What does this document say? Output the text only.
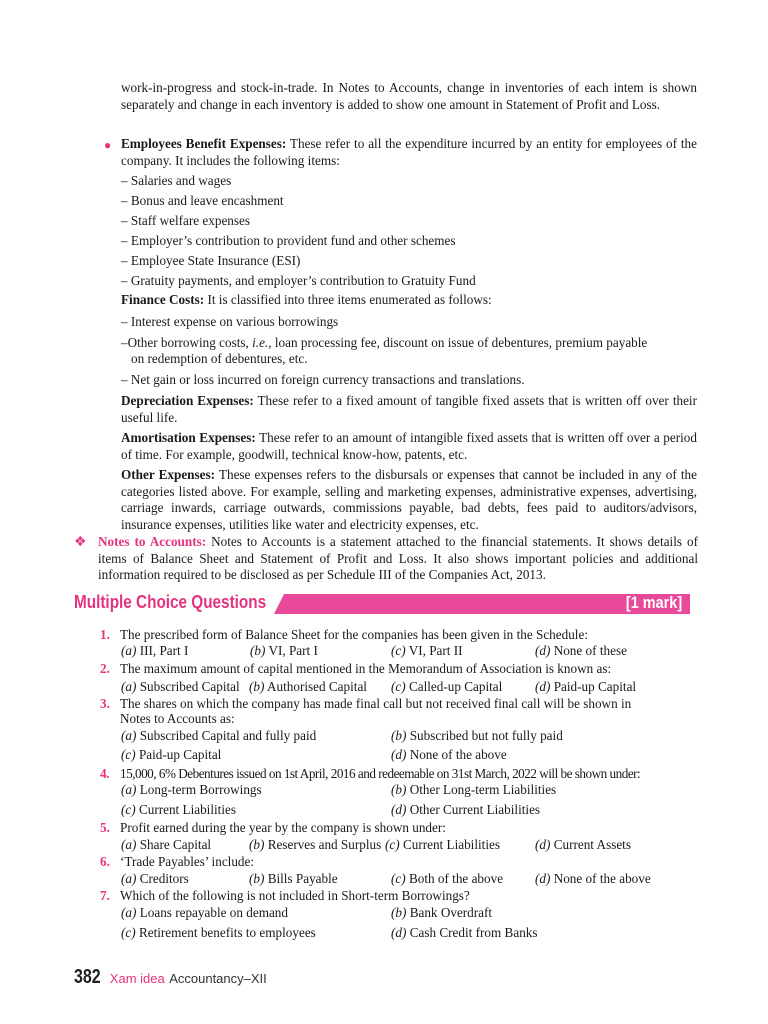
work-in-progress and stock-in-trade. In Notes to Accounts, change in inventories of each intem is shown separately and change in each inventory is added to show one amount in Statement of Profit and Loss.

● Employees Benefit Expenses: These refer to all the expenditure incurred by an entity for employees of the company. It includes the following items:

– Salaries and wages
– Bonus and leave encashment
– Staff welfare expenses
– Employer’s contribution to provident fund and other schemes
– Employee State Insurance (ESI)
– Gratuity payments, and employer’s contribution to Gratuity Fund
Finance Costs: It is classified into three items enumerated as follows:
– Interest expense on various borrowings
–Other borrowing costs, i.e., loan processing fee, discount on issue of debentures, premium payable
on redemption of debentures, etc.
– Net gain or loss incurred on foreign currency transactions and translations.

Depreciation Expenses: These refer to a fixed amount of tangible fixed assets that is written off over their useful life.

Amortisation Expenses: These refer to an amount of intangible fixed assets that is written off over a period of time. For example, goodwill, technical know-how, patents, etc.

Other Expenses: These expenses refers to the disbursals or expenses that cannot be included in any of the categories listed above. For example, selling and marketing expenses, administrative expenses, advertising, carriage inwards, carriage outwards, commissions payable, bad debts, fees paid to auditors/advisors, insurance expenses, utilities like water and electricity expenses, etc.

❖ Notes to Accounts: Notes to Accounts is a statement attached to the financial statements. It shows details of items of Balance Sheet and Statement of Profit and Loss. It also shows important policies and additional information required to be disclosed as per Schedule III of the Companies Act, 2013.

Multiple Choice Questions	[1 mark]
1. The prescribed form of Balance Sheet for the companies has been given in the Schedule:
(a) III, Part I	(b) VI, Part I	(c) VI, Part II	(d) None of these
2. The maximum amount of capital mentioned in the Memorandum of Association is known as:
(a) Subscribed Capital (b) Authorised Capital (c) Called-up Capital (d) Paid-up Capital
3. The shares on which the company has made final call but not received final call will be shown in
Notes to Accounts as:
(a) Subscribed Capital and fully paid	(b) Subscribed but not fully paid
(c) Paid-up Capital	(d) None of the above
4. 15,000, 6% Debentures issued on 1st April, 2016 and redeemable on 31st March, 2022 will be shown under:
(a) Long-term Borrowings	(b) Other Long-term Liabilities
(c) Current Liabilities	(d) Other Current Liabilities
5. Profit earned during the year by the company is shown under:
(a) Share Capital	(b) Reserves and Surplus (c) Current Liabilities	(d) Current Assets
6. ‘Trade Payables’ include:
(a) Creditors	(b) Bills Payable	(c) Both of the above (d) None of the above
7. Which of the following is not included in Short-term Borrowings?
(a) Loans repayable on demand	(b) Bank Overdraft
(c) Retirement benefits to employees	(d) Cash Credit from Banks
382 Xam idea Accountancy–XII
